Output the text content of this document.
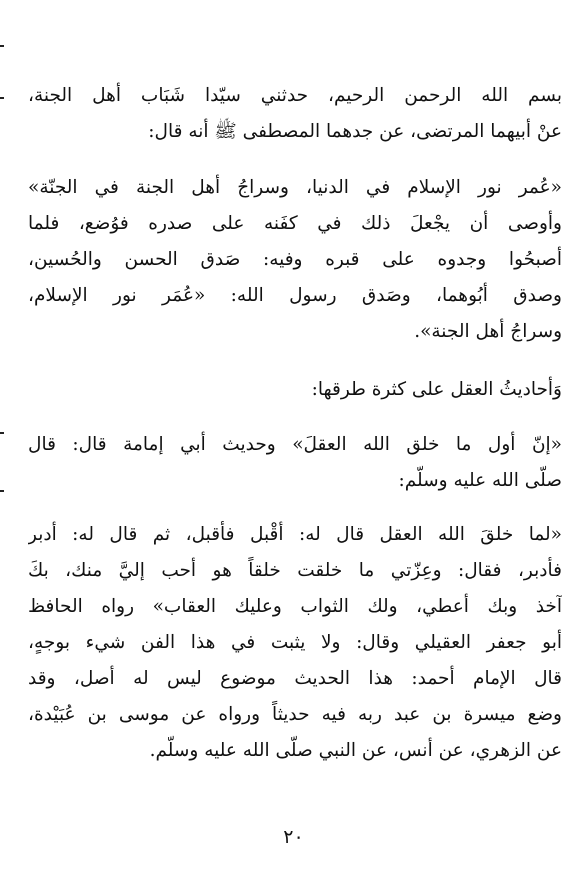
بسم الله الرحمن الرحيم، حدثني سيّدا شَبَاب أهل الجنة،
عنْ أبيهما المرتضى، عن جدهما المصطفى ﷺ أنه قال:
«عُمر نور الإسلام في الدنيا، وسراجُ أهل الجنة في الجنّة»
وأوصى أن يجْعلَ ذلك في كفَنه على صدره فوُضع، فلما
أصبحُوا وجدوه على قبره وفيه: صَدق الحسن والحُسين،
وصدق أبُوهما، وصَدق رسول الله: «عُمَر نور الإسلام،
وسراجُ أهل الجنة».
وَأحاديثُ العقل على كثرة طرقها:
«إنّ أول ما خلق الله العقلَ» وحديث أبي إمامة قال: قال
صلّى الله عليه وسلّم:
«لما خلقَ الله العقل قال له: أقْبل فأقبل، ثم قال له: أدبر
فأدبر، فقال: وعِزّتي ما خلقت خلقاً هو أحب إليَّ منك، بكَ
آخذ وبك أعطي، ولك الثواب وعليك العقاب» رواه الحافظ
أبو جعفر العقيلي وقال: ولا يثبت في هذا الفن شيء بوجهٍ،
قال الإمام أحمد: هذا الحديث موضوع ليس له أصل، وقد
وضع ميسرة بن عبد ربه فيه حديثاً ورواه عن موسى بن عُبَيْدة،
عن الزهري، عن أنس، عن النبي صلّى الله عليه وسلّم.
٢٠
